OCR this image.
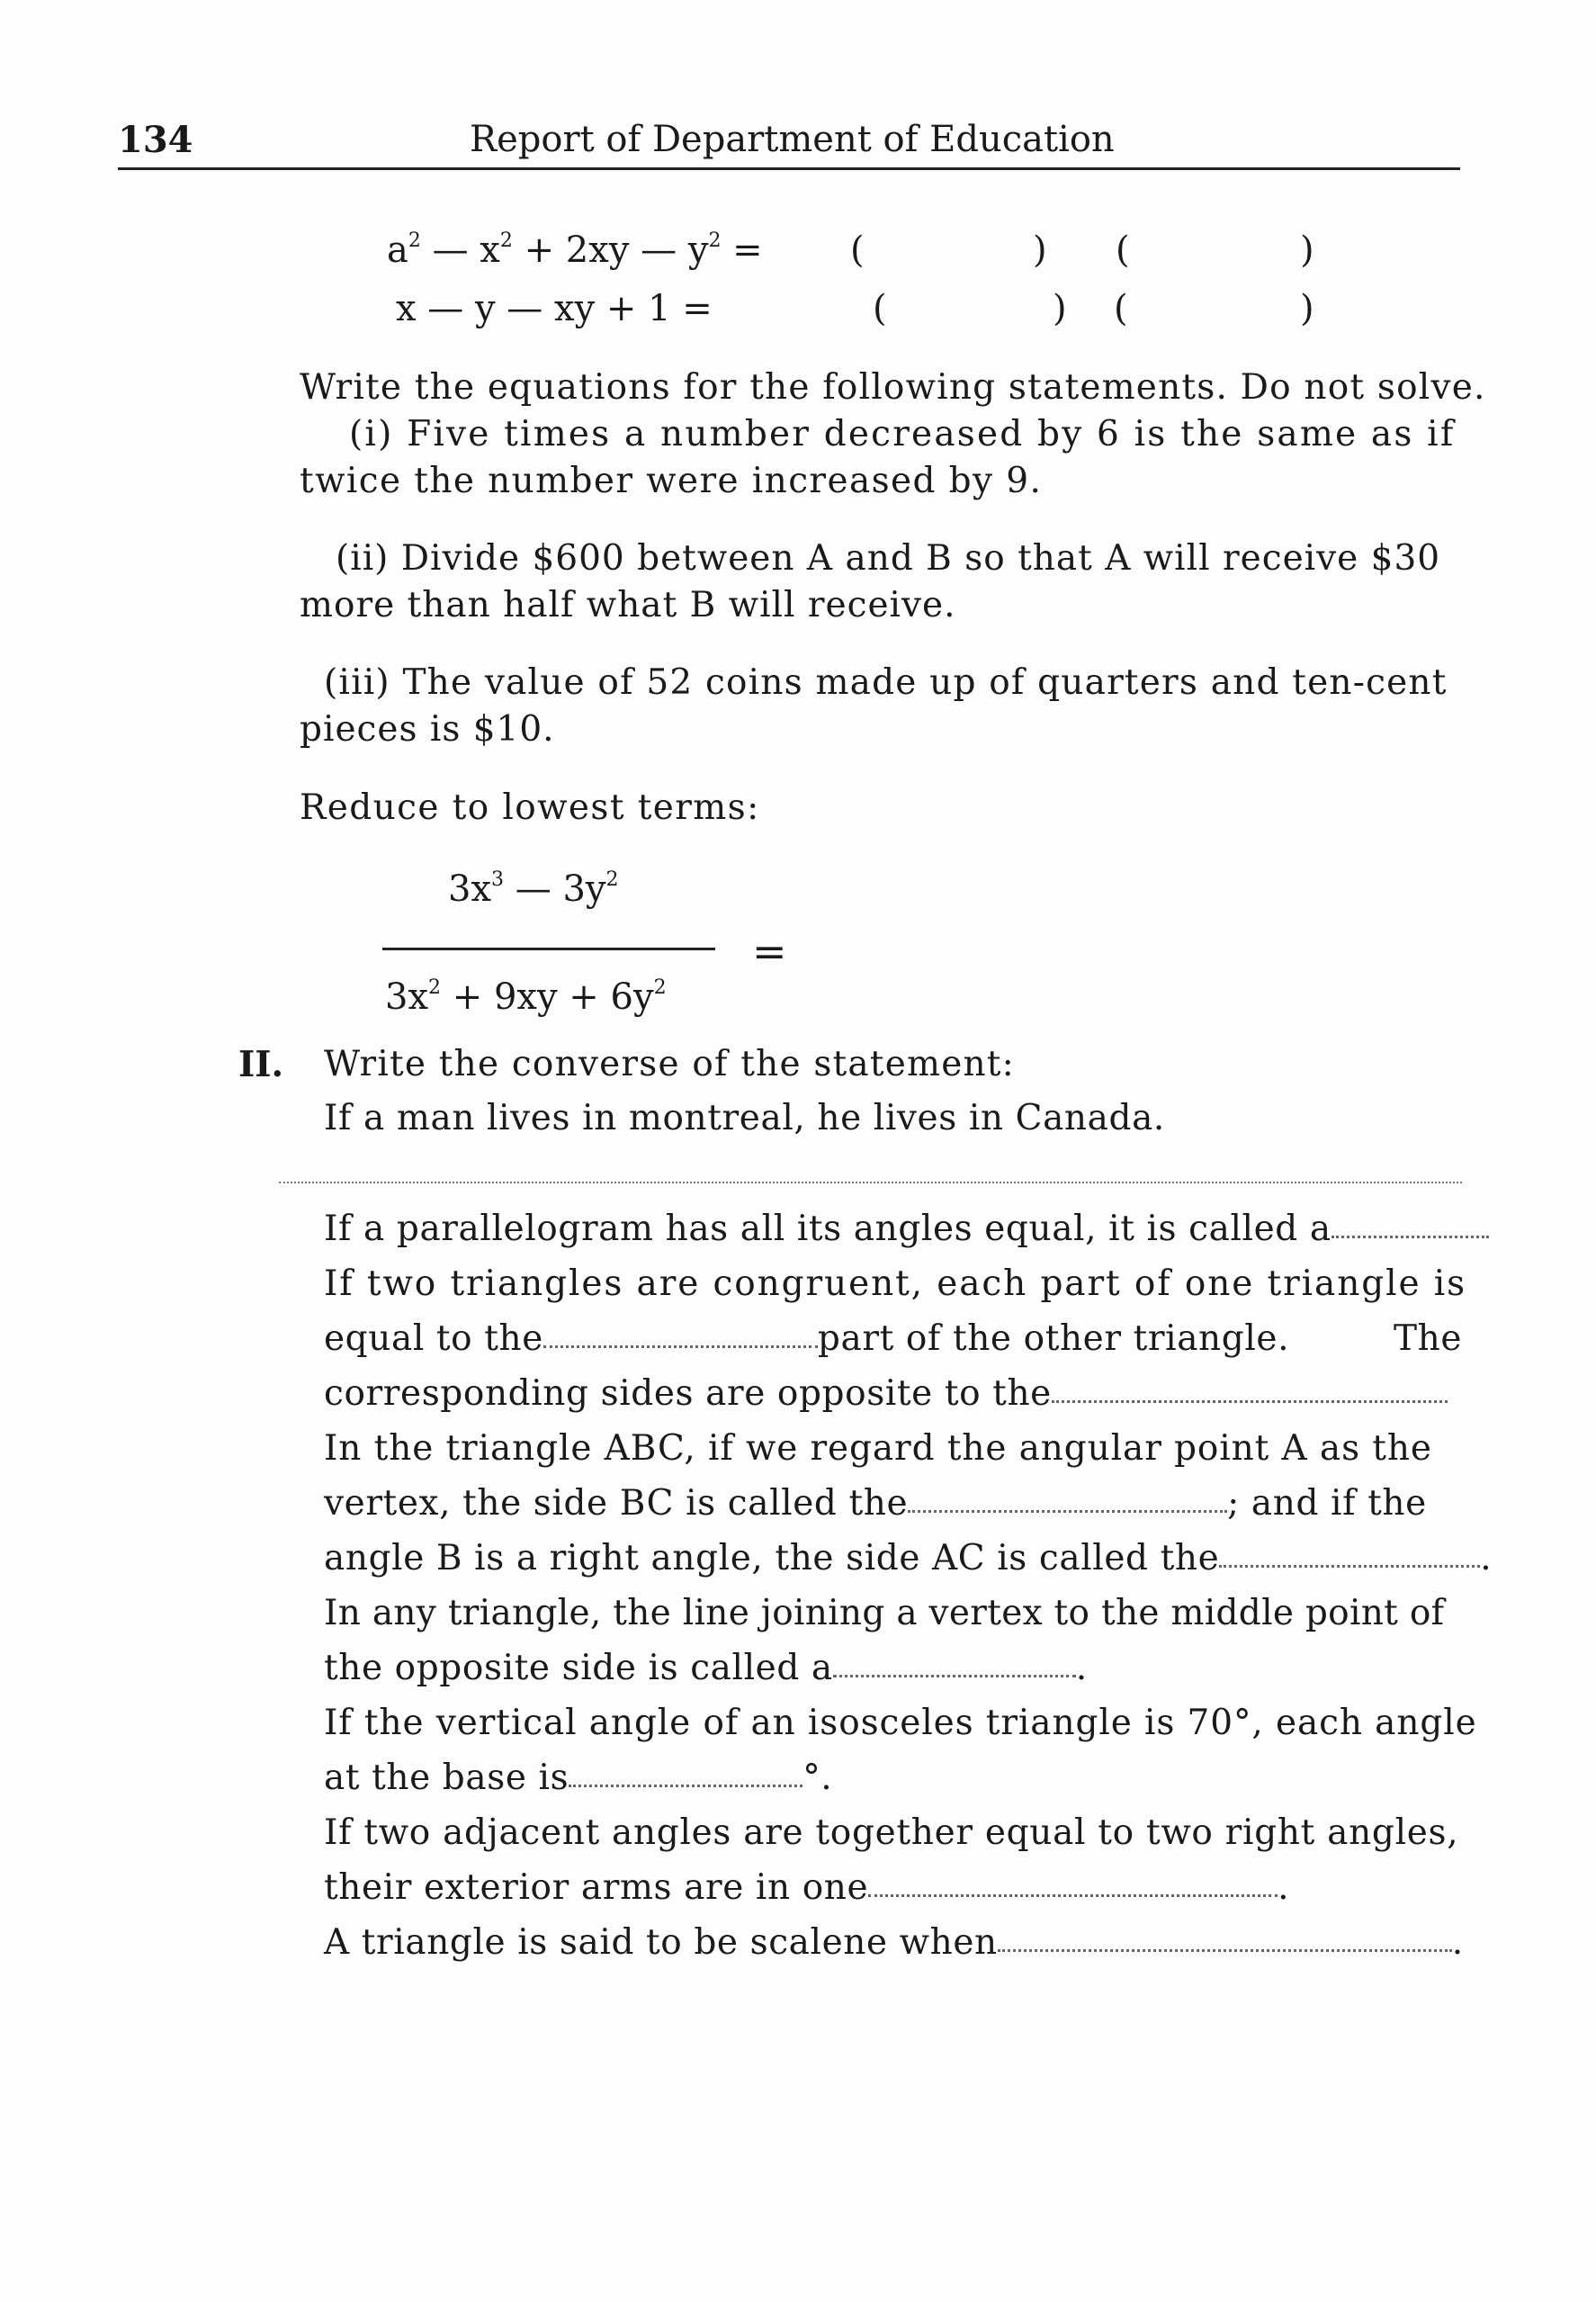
134	Report of Department of Education
$a^2$ — $x^2 + 2xy$ — $y^2$ = (	) (	)
x — y — xy + 1 =	(	) (	)
Write the equations for the following statements. Do not solve.
(i) Five times a number decreased by 6 is the same as if
twice the number were increased by 9.
(ii) Divide $600 between A and B so that A will receive $30
more than half what B will receive.
(iii) The value of 52 coins made up of quarters and ten-cent
pieces is $10.
Reduce to lowest terms:
$3x^3$ — $3y^2$
=
$3x^2 + 9xy + 6y^2$
II. Write the converse of the statement:
If a man lives in montreal, he lives in Canada.
If a parallelogram has all its angles equal, it is called a
If two triangles are congruent, each part of one triangle is
equal to the	part of the other triangle.	The
corresponding sides are opposite to the
In the triangle ABC, if we regard the angular point A as the
vertex, the side BC is called the	; and if the
angle B is a right angle, the side AC is called the	.
In any triangle, the line joining a vertex to the middle point of
the opposite side is called a	.
If the vertical angle of an isosceles triangle is 70°, each angle
at the base is	°.
If two adjacent angles are together equal to two right angles,
their exterior arms are in one	.
A triangle is said to be scalene when	.
